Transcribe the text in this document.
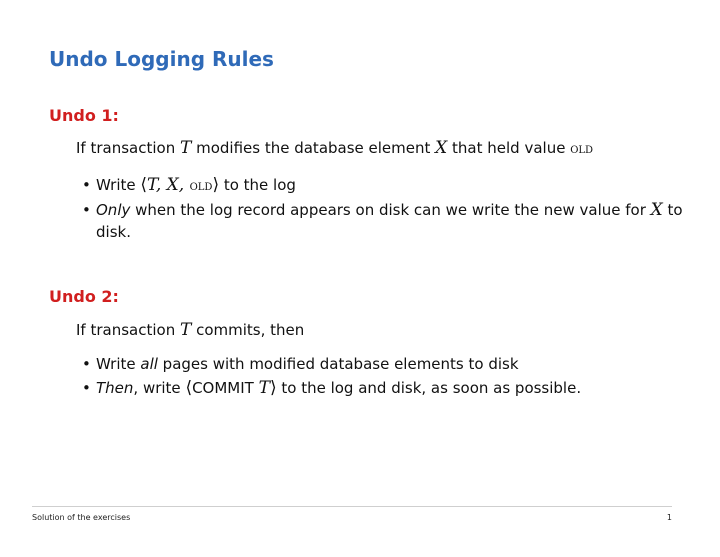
Undo Logging Rules
Undo 1:

If transaction T modifies the database element X that held value old

• Write ⟨T, X, old⟩ to the log
• Only when the log record appears on disk can we write the new value for X to disk.
Undo 2:

If transaction T commits, then

• Write all pages with modified database elements to disk
• Then, write ⟨COMMIT T⟩ to the log and disk, as soon as possible.
Solution of the exercises	1
